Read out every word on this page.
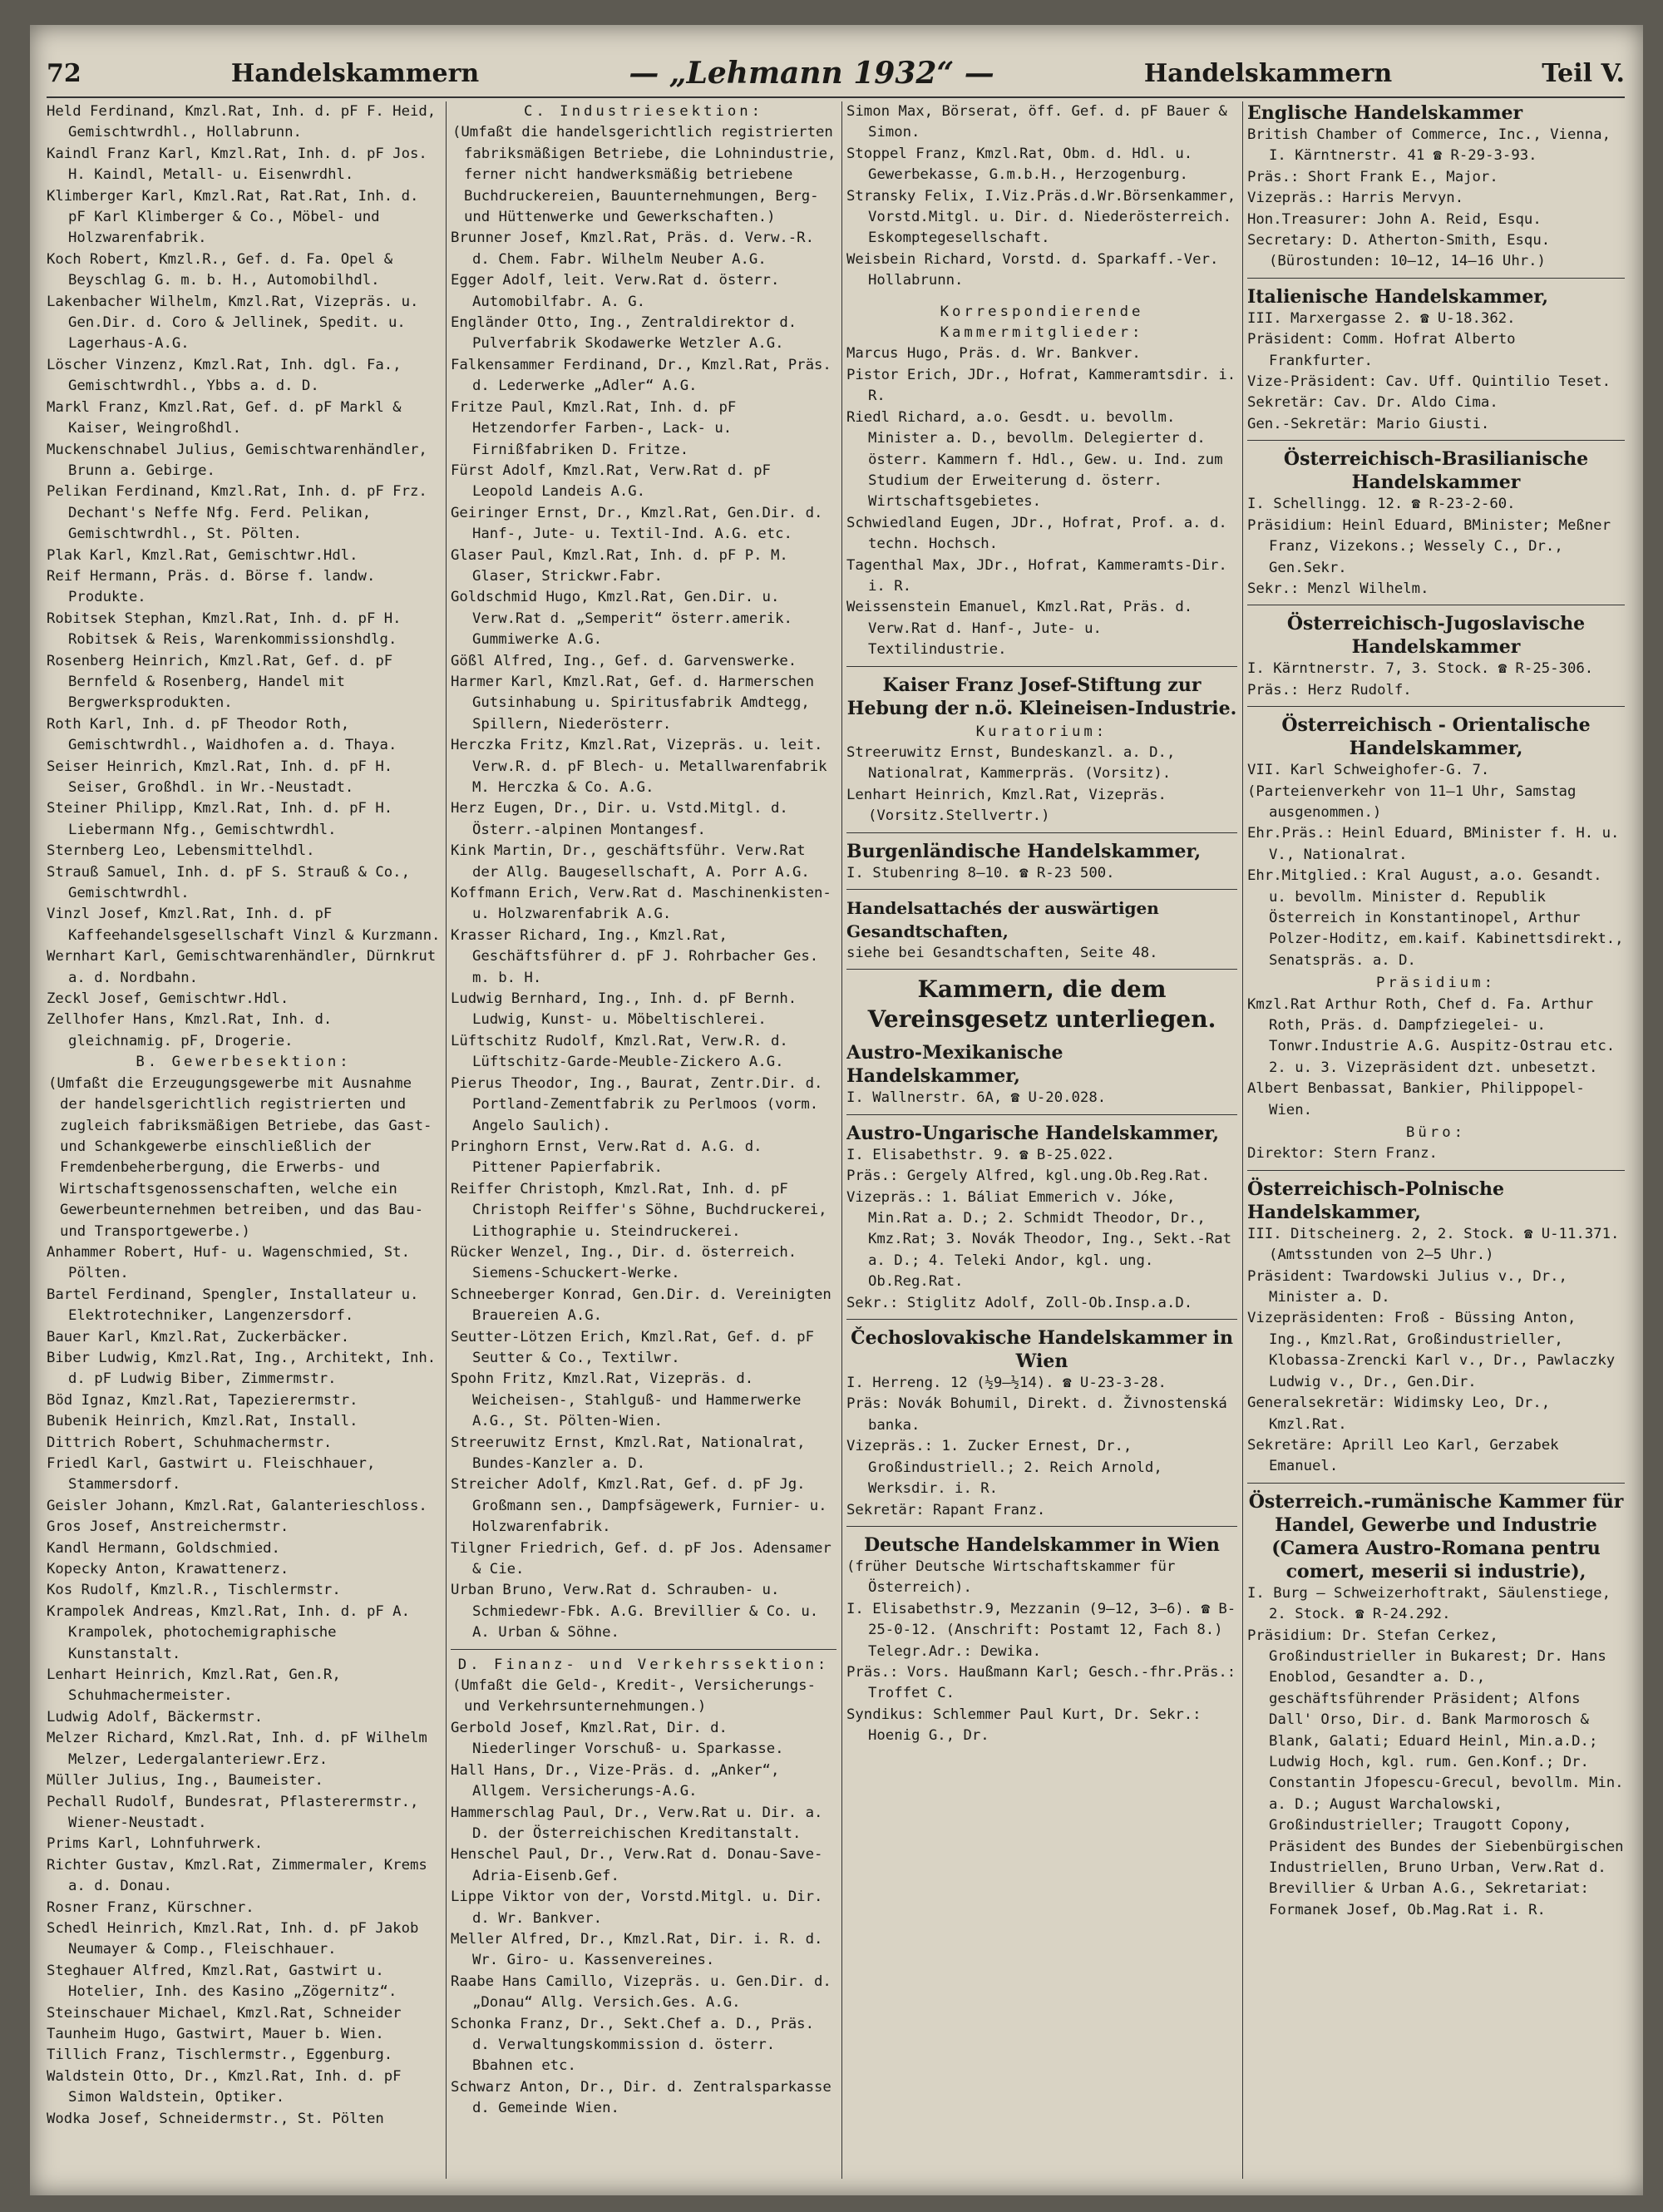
72	Handelskammern	— „Lehmann 1932“ —	Handelskammern	Teil V.

Held Ferdinand, Kmzl.Rat, Inh. d. pF F. Heid, Gemischtwrdhl., Hollabrunn.

Kaindl Franz Karl, Kmzl.Rat, Inh. d. pF Jos. H. Kaindl, Metall- u. Eisenwrdhl.

Klimberger Karl, Kmzl.Rat, Rat.Rat, Inh. d. pF Karl Klimberger & Co., Möbel- und Holzwarenfabrik.

Koch Robert, Kmzl.R., Gef. d. Fa. Opel & Beyschlag G. m. b. H., Automobilhdl.

Lakenbacher Wilhelm, Kmzl.Rat, Vizepräs. u. Gen.Dir. d. Coro & Jellinek, Spedit. u. Lagerhaus-A.G.

Löscher Vinzenz, Kmzl.Rat, Inh. dgl. Fa., Gemischtwrdhl., Ybbs a. d. D.

Markl Franz, Kmzl.Rat, Gef. d. pF Markl & Kaiser, Weingroßhdl.

Muckenschnabel Julius, Gemischtwarenhändler, Brunn a. Gebirge.

Pelikan Ferdinand, Kmzl.Rat, Inh. d. pF Frz. Dechant's Neffe Nfg. Ferd. Pelikan, Gemischtwrdhl., St. Pölten.

Plak Karl, Kmzl.Rat, Gemischtwr.Hdl.

Reif Hermann, Präs. d. Börse f. landw. Produkte.

Robitsek Stephan, Kmzl.Rat, Inh. d. pF H. Robitsek & Reis, Warenkommissionshdlg.

Rosenberg Heinrich, Kmzl.Rat, Gef. d. pF Bernfeld & Rosenberg, Handel mit Bergwerksprodukten.

Roth Karl, Inh. d. pF Theodor Roth, Gemischtwrdhl., Waidhofen a. d. Thaya.

Seiser Heinrich, Kmzl.Rat, Inh. d. pF H. Seiser, Großhdl. in Wr.-Neustadt.

Steiner Philipp, Kmzl.Rat, Inh. d. pF H. Liebermann Nfg., Gemischtwrdhl.

Sternberg Leo, Lebensmittelhdl.

Strauß Samuel, Inh. d. pF S. Strauß & Co., Gemischtwrdhl.

Vinzl Josef, Kmzl.Rat, Inh. d. pF Kaffeehandelsgesellschaft Vinzl & Kurzmann.

Wernhart Karl, Gemischtwarenhändler, Dürnkrut a. d. Nordbahn.

Zeckl Josef, Gemischtwr.Hdl.

Zellhofer Hans, Kmzl.Rat, Inh. d. gleichnamig. pF, Drogerie.

B. Gewerbesektion:

(Umfaßt die Erzeugungsgewerbe mit Ausnahme der handelsgerichtlich registrierten und zugleich fabriksmäßigen Betriebe, das Gast- und Schankgewerbe einschließlich der Fremdenbeherbergung, die Erwerbs- und Wirtschaftsgenossenschaften, welche ein Gewerbeunternehmen betreiben, und das Bau- und Transportgewerbe.)

Anhammer Robert, Huf- u. Wagenschmied, St. Pölten.

Bartel Ferdinand, Spengler, Installateur u. Elektrotechniker, Langenzersdorf.

Bauer Karl, Kmzl.Rat, Zuckerbäcker.

Biber Ludwig, Kmzl.Rat, Ing., Architekt, Inh. d. pF Ludwig Biber, Zimmermstr.

Böd Ignaz, Kmzl.Rat, Tapezierermstr.

Bubenik Heinrich, Kmzl.Rat, Install.

Dittrich Robert, Schuhmachermstr.

Friedl Karl, Gastwirt u. Fleischhauer, Stammersdorf.

Geisler Johann, Kmzl.Rat, Galanterieschloss.

Gros Josef, Anstreichermstr.

Kandl Hermann, Goldschmied.

Kopecky Anton, Krawattenerz.

Kos Rudolf, Kmzl.R., Tischlermstr.

Krampolek Andreas, Kmzl.Rat, Inh. d. pF A. Krampolek, photochemigraphische Kunstanstalt.

Lenhart Heinrich, Kmzl.Rat, Gen.R, Schuhmachermeister.

Ludwig Adolf, Bäckermstr.

Melzer Richard, Kmzl.Rat, Inh. d. pF Wilhelm Melzer, Ledergalanteriewr.Erz.

Müller Julius, Ing., Baumeister.

Pechall Rudolf, Bundesrat, Pflasterermstr., Wiener-Neustadt.

Prims Karl, Lohnfuhrwerk.

Richter Gustav, Kmzl.Rat, Zimmermaler, Krems a. d. Donau.

Rosner Franz, Kürschner.

Schedl Heinrich, Kmzl.Rat, Inh. d. pF Jakob Neumayer & Comp., Fleischhauer.

Steghauer Alfred, Kmzl.Rat, Gastwirt u. Hotelier, Inh. des Kasino „Zögernitz“.

Steinschauer Michael, Kmzl.Rat, Schneider

Taunheim Hugo, Gastwirt, Mauer b. Wien.

Tillich Franz, Tischlermstr., Eggenburg.

Waldstein Otto, Dr., Kmzl.Rat, Inh. d. pF Simon Waldstein, Optiker.

Wodka Josef, Schneidermstr., St. Pölten

C. Industriesektion:

(Umfaßt die handelsgerichtlich registrierten fabriksmäßigen Betriebe, die Lohnindustrie, ferner nicht handwerksmäßig betriebene Buchdruckereien, Bauunternehmungen, Berg- und Hüttenwerke und Gewerkschaften.)

Brunner Josef, Kmzl.Rat, Präs. d. Verw.-R. d. Chem. Fabr. Wilhelm Neuber A.G.

Egger Adolf, leit. Verw.Rat d. österr. Automobilfabr. A. G.

Engländer Otto, Ing., Zentraldirektor d. Pulverfabrik Skodawerke Wetzler A.G.

Falkensammer Ferdinand, Dr., Kmzl.Rat, Präs. d. Lederwerke „Adler“ A.G.

Fritze Paul, Kmzl.Rat, Inh. d. pF Hetzendorfer Farben-, Lack- u. Firnißfabriken D. Fritze.

Fürst Adolf, Kmzl.Rat, Verw.Rat d. pF Leopold Landeis A.G.

Geiringer Ernst, Dr., Kmzl.Rat, Gen.Dir. d. Hanf-, Jute- u. Textil-Ind. A.G. etc.

Glaser Paul, Kmzl.Rat, Inh. d. pF P. M. Glaser, Strickwr.Fabr.

Goldschmid Hugo, Kmzl.Rat, Gen.Dir. u. Verw.Rat d. „Semperit“ österr.amerik. Gummiwerke A.G.

Gößl Alfred, Ing., Gef. d. Garvenswerke.

Harmer Karl, Kmzl.Rat, Gef. d. Harmerschen Gutsinhabung u. Spiritusfabrik Amdtegg, Spillern, Niederösterr.

Herczka Fritz, Kmzl.Rat, Vizepräs. u. leit. Verw.R. d. pF Blech- u. Metallwarenfabrik M. Herczka & Co. A.G.

Herz Eugen, Dr., Dir. u. Vstd.Mitgl. d. Österr.-alpinen Montangesf.

Kink Martin, Dr., geschäftsführ. Verw.Rat der Allg. Baugesellschaft, A. Porr A.G.

Koffmann Erich, Verw.Rat d. Maschinenkisten- u. Holzwarenfabrik A.G.

Krasser Richard, Ing., Kmzl.Rat, Geschäftsführer d. pF J. Rohrbacher Ges. m. b. H.

Ludwig Bernhard, Ing., Inh. d. pF Bernh. Ludwig, Kunst- u. Möbeltischlerei.

Lüftschitz Rudolf, Kmzl.Rat, Verw.R. d. Lüftschitz-Garde-Meuble-Zickero A.G.

Pierus Theodor, Ing., Baurat, Zentr.Dir. d. Portland-Zementfabrik zu Perlmoos (vorm. Angelo Saulich).

Pringhorn Ernst, Verw.Rat d. A.G. d. Pittener Papierfabrik.

Reiffer Christoph, Kmzl.Rat, Inh. d. pF Christoph Reiffer's Söhne, Buchdruckerei, Lithographie u. Steindruckerei.

Rücker Wenzel, Ing., Dir. d. österreich. Siemens-Schuckert-Werke.

Schneeberger Konrad, Gen.Dir. d. Vereinigten Brauereien A.G.

Seutter-Lötzen Erich, Kmzl.Rat, Gef. d. pF Seutter & Co., Textilwr.

Spohn Fritz, Kmzl.Rat, Vizepräs. d. Weicheisen-, Stahlguß- und Hammerwerke A.G., St. Pölten-Wien.

Streeruwitz Ernst, Kmzl.Rat, Nationalrat, Bundes-Kanzler a. D.

Streicher Adolf, Kmzl.Rat, Gef. d. pF Jg. Großmann sen., Dampfsägewerk, Furnier- u. Holzwarenfabrik.

Tilgner Friedrich, Gef. d. pF Jos. Adensamer & Cie.

Urban Bruno, Verw.Rat d. Schrauben- u. Schmiedewr-Fbk. A.G. Brevillier & Co. u. A. Urban & Söhne.

D. Finanz- und Verkehrssektion:

(Umfaßt die Geld-, Kredit-, Versicherungs- und Verkehrsunternehmungen.)

Gerbold Josef, Kmzl.Rat, Dir. d. Niederlinger Vorschuß- u. Sparkasse.

Hall Hans, Dr., Vize-Präs. d. „Anker“, Allgem. Versicherungs-A.G.

Hammerschlag Paul, Dr., Verw.Rat u. Dir. a. D. der Österreichischen Kreditanstalt.

Henschel Paul, Dr., Verw.Rat d. Donau-Save-Adria-Eisenb.Gef.

Lippe Viktor von der, Vorstd.Mitgl. u. Dir. d. Wr. Bankver.

Meller Alfred, Dr., Kmzl.Rat, Dir. i. R. d. Wr. Giro- u. Kassenvereines.

Raabe Hans Camillo, Vizepräs. u. Gen.Dir. d. „Donau“ Allg. Versich.Ges. A.G.

Schonka Franz, Dr., Sekt.Chef a. D., Präs. d. Verwaltungskommission d. österr. Bbahnen etc.

Schwarz Anton, Dr., Dir. d. Zentralsparkasse d. Gemeinde Wien.

Simon Max, Börserat, öff. Gef. d. pF Bauer & Simon.

Stoppel Franz, Kmzl.Rat, Obm. d. Hdl. u. Gewerbekasse, G.m.b.H., Herzogenburg.

Stransky Felix, I.Viz.Präs.d.Wr.Börsenkammer, Vorstd.Mitgl. u. Dir. d. Niederösterreich. Eskomptegesellschaft.

Weisbein Richard, Vorstd. d. Sparkaff.-Ver. Hollabrunn.

Korrespondierende Kammermitglieder:

Marcus Hugo, Präs. d. Wr. Bankver.

Pistor Erich, JDr., Hofrat, Kammeramtsdir. i. R.

Riedl Richard, a.o. Gesdt. u. bevollm. Minister a. D., bevollm. Delegierter d. österr. Kammern f. Hdl., Gew. u. Ind. zum Studium der Erweiterung d. österr. Wirtschaftsgebietes.

Schwiedland Eugen, JDr., Hofrat, Prof. a. d. techn. Hochsch.

Tagenthal Max, JDr., Hofrat, Kammeramts-Dir. i. R.

Weissenstein Emanuel, Kmzl.Rat, Präs. d. Verw.Rat d. Hanf-, Jute- u. Textilindustrie.

Kaiser Franz Josef-Stiftung zur Hebung der n.ö. Kleineisen-Industrie.

Kuratorium:

Streeruwitz Ernst, Bundeskanzl. a. D., Nationalrat, Kammerpräs. (Vorsitz).

Lenhart Heinrich, Kmzl.Rat, Vizepräs. (Vorsitz.Stellvertr.)

Burgenländische Handelskammer,

I. Stubenring 8—10. ☎ R-23 500.

Handelsattachés der auswärtigen Gesandtschaften,

siehe bei Gesandtschaften, Seite 48.

Kammern, die dem Vereinsgesetz unterliegen.

Austro-Mexikanische Handelskammer,

I. Wallnerstr. 6A, ☎ U-20.028.

Austro-Ungarische Handelskammer,

I. Elisabethstr. 9. ☎ B-25.022.

Präs.: Gergely Alfred, kgl.ung.Ob.Reg.Rat.

Vizepräs.: 1. Báliat Emmerich v. Jóke, Min.Rat a. D.; 2. Schmidt Theodor, Dr., Kmz.Rat; 3. Novák Theodor, Ing., Sekt.-Rat a. D.; 4. Teleki Andor, kgl. ung. Ob.Reg.Rat.

Sekr.: Stiglitz Adolf, Zoll-Ob.Insp.a.D.

Čechoslovakische Handelskammer in Wien

I. Herreng. 12 (½9—½14). ☎ U-23-3-28.

Präs: Novák Bohumil, Direkt. d. Živnostenská banka.

Vizepräs.: 1. Zucker Ernest, Dr., Großindustriell.; 2. Reich Arnold, Werksdir. i. R.

Sekretär: Rapant Franz.

Deutsche Handelskammer in Wien

(früher Deutsche Wirtschaftskammer für Österreich).

I. Elisabethstr.9, Mezzanin (9—12, 3—6). ☎ B-25-0-12. (Anschrift: Postamt 12, Fach 8.) Telegr.Adr.: Dewika.

Präs.: Vors. Haußmann Karl; Gesch.-fhr.Präs.: Troffet C.

Syndikus: Schlemmer Paul Kurt, Dr. Sekr.: Hoenig G., Dr.

Englische Handelskammer

British Chamber of Commerce, Inc., Vienna, I. Kärntnerstr. 41 ☎ R-29-3-93.

Präs.: Short Frank E., Major.

Vizepräs.: Harris Mervyn.

Hon.Treasurer: John A. Reid, Esqu.

Secretary: D. Atherton-Smith, Esqu. (Bürostunden: 10—12, 14—16 Uhr.)

Italienische Handelskammer,

III. Marxergasse 2. ☎ U-18.362.

Präsident: Comm. Hofrat Alberto Frankfurter.

Vize-Präsident: Cav. Uff. Quintilio Teset.

Sekretär: Cav. Dr. Aldo Cima.

Gen.-Sekretär: Mario Giusti.

Österreichisch-Brasilianische Handelskammer

I. Schellingg. 12. ☎ R-23-2-60.

Präsidium: Heinl Eduard, BMinister; Meßner Franz, Vizekons.; Wessely C., Dr., Gen.Sekr.

Sekr.: Menzl Wilhelm.

Österreichisch-Jugoslavische Handelskammer

I. Kärntnerstr. 7, 3. Stock. ☎ R-25-306.

Präs.: Herz Rudolf.

Österreichisch - Orientalische Handelskammer,

VII. Karl Schweighofer-G. 7.

(Parteienverkehr von 11—1 Uhr, Samstag ausgenommen.)

Ehr.Präs.: Heinl Eduard, BMinister f. H. u. V., Nationalrat.

Ehr.Mitglied.: Kral August, a.o. Gesandt. u. bevollm. Minister d. Republik Österreich in Konstantinopel, Arthur Polzer-Hoditz, em.kaif. Kabinettsdirekt., Senatspräs. a. D.

Präsidium:

Kmzl.Rat Arthur Roth, Chef d. Fa. Arthur Roth, Präs. d. Dampfziegelei- u. Tonwr.Industrie A.G. Auspitz-Ostrau etc. 2. u. 3. Vizepräsident dzt. unbesetzt.

Albert Benbassat, Bankier, Philippopel-Wien.

Büro:

Direktor: Stern Franz.

Österreichisch-Polnische Handelskammer,

III. Ditscheinerg. 2, 2. Stock. ☎ U-11.371. (Amtsstunden von 2—5 Uhr.)

Präsident: Twardowski Julius v., Dr., Minister a. D.

Vizepräsidenten: Froß - Büssing Anton, Ing., Kmzl.Rat, Großindustrieller, Klobassa-Zrencki Karl v., Dr., Pawlaczky Ludwig v., Dr., Gen.Dir.

Generalsekretär: Widimsky Leo, Dr., Kmzl.Rat.

Sekretäre: Aprill Leo Karl, Gerzabek Emanuel.

Österreich.-rumänische Kammer für Handel, Gewerbe und Industrie (Camera Austro-Romana pentru comert, meserii si industrie),

I. Burg — Schweizerhoftrakt, Säulenstiege, 2. Stock. ☎ R-24.292.

Präsidium: Dr. Stefan Cerkez, Großindustrieller in Bukarest; Dr. Hans Enoblod, Gesandter a. D., geschäftsführender Präsident; Alfons Dall' Orso, Dir. d. Bank Marmorosch & Blank, Galati; Eduard Heinl, Min.a.D.; Ludwig Hoch, kgl. rum. Gen.Konf.; Dr. Constantin Jfopescu-Grecul, bevollm. Min. a. D.; August Warchalowski, Großindustrieller; Traugott Copony, Präsident des Bundes der Siebenbürgischen Industriellen, Bruno Urban, Verw.Rat d. Brevillier & Urban A.G., Sekretariat: Formanek Josef, Ob.Mag.Rat i. R.
